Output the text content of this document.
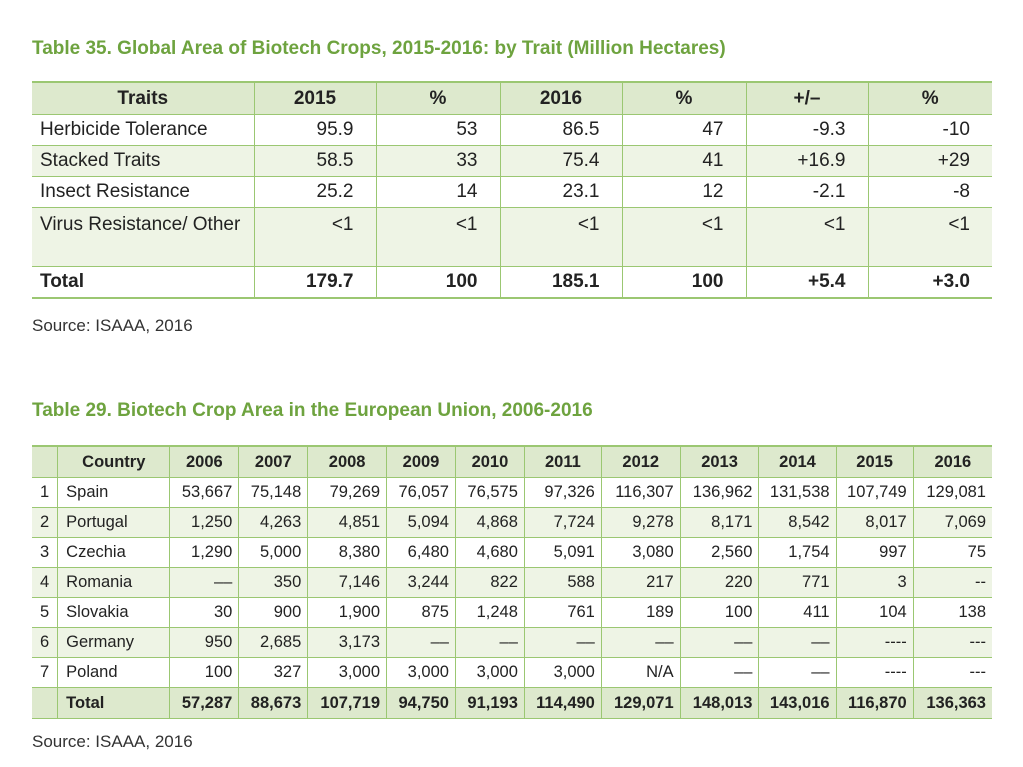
Table 35. Global Area of Biotech Crops, 2015-2016: by Trait (Million Hectares)
Traits	2015	%	2016	%	+/–	%
Herbicide Tolerance	95.9	53	86.5	47	-9.3	-10
Stacked Traits	58.5	33	75.4	41	+16.9	+29
Insect Resistance	25.2	14	23.1	12	-2.1	-8
Virus Resistance/ Other	<1	<1	<1	<1	<1	<1
Total	179.7	100	185.1	100	+5.4	+3.0
Source: ISAAA, 2016
Table 29. Biotech Crop Area in the European Union, 2006-2016
	Country	2006	2007	2008	2009	2010	2011	2012	2013	2014	2015	2016
1	Spain	53,667	75,148	79,269	76,057	76,575	97,326	116,307	136,962	131,538	107,749	129,081
2	Portugal	1,250	4,263	4,851	5,094	4,868	7,724	9,278	8,171	8,542	8,017	7,069
3	Czechia	1,290	5,000	8,380	6,480	4,680	5,091	3,080	2,560	1,754	997	75
4	Romania	––	350	7,146	3,244	822	588	217	220	771	3	--
5	Slovakia	30	900	1,900	875	1,248	761	189	100	411	104	138
6	Germany	950	2,685	3,173	––	––	––	––	––	––	----	---
7	Poland	100	327	3,000	3,000	3,000	3,000	N/A	––	––	----	---
	Total	57,287	88,673	107,719	94,750	91,193	114,490	129,071	148,013	143,016	116,870	136,363
Source: ISAAA, 2016
